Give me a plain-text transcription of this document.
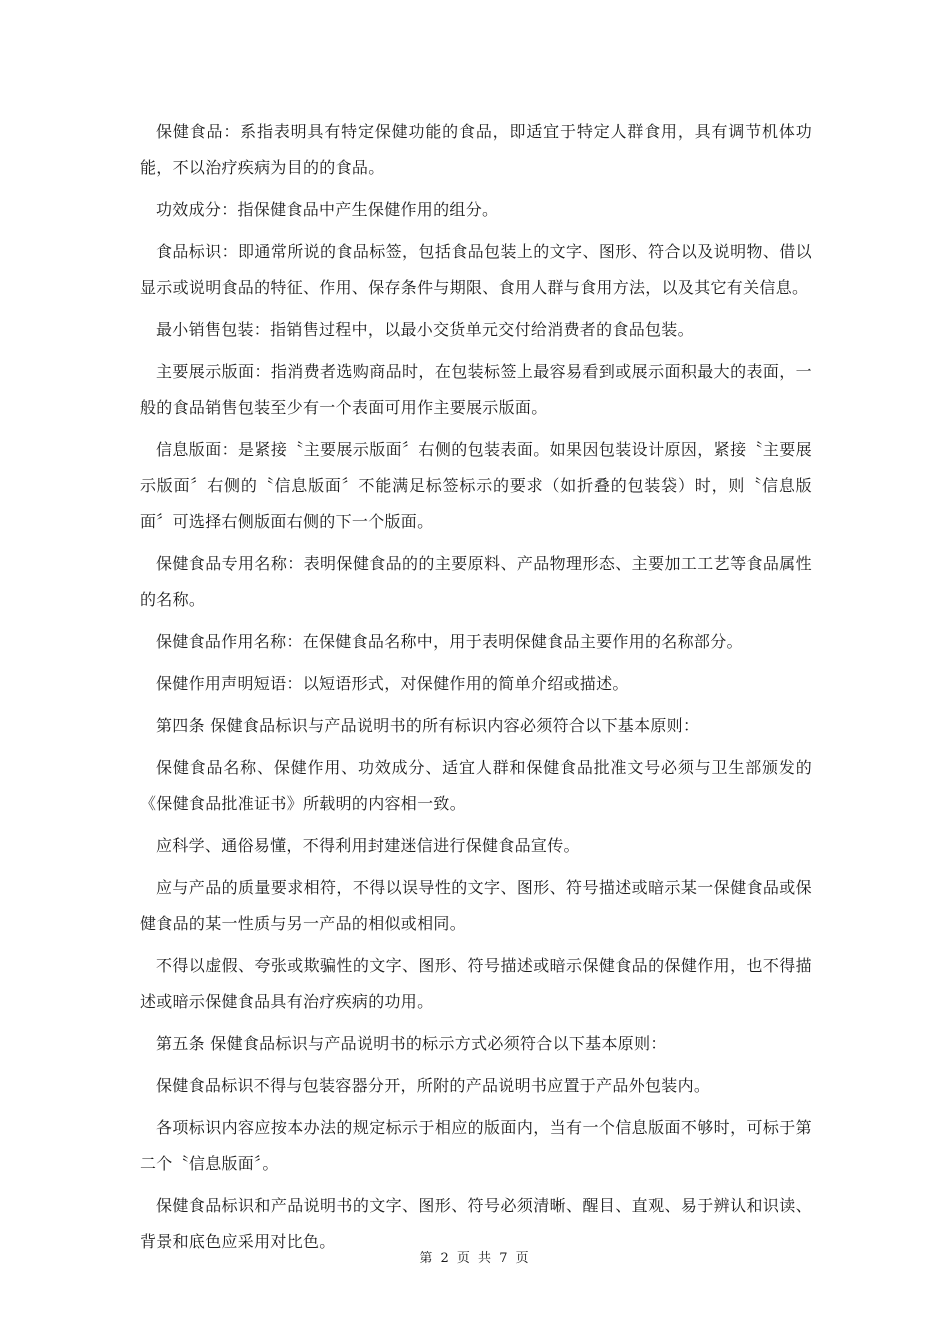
保健食品：系指表明具有特定保健功能的食品，即适宜于特定人群食用，具有调节机体功能，不以治疗疾病为目的的食品。

功效成分：指保健食品中产生保健作用的组分。

食品标识：即通常所说的食品标签，包括食品包装上的文字、图形、符合以及说明物、借以显示或说明食品的特征、作用、保存条件与期限、食用人群与食用方法，以及其它有关信息。

最小销售包装：指销售过程中，以最小交货单元交付给消费者的食品包装。

主要展示版面：指消费者选购商品时，在包装标签上最容易看到或展示面积最大的表面，一般的食品销售包装至少有一个表面可用作主要展示版面。

信息版面：是紧接〝主要展示版面〞右侧的包装表面。如果因包装设计原因，紧接〝主要展示版面〞右侧的〝信息版面〞不能满足标签标示的要求（如折叠的包装袋）时，则〝信息版面〞可选择右侧版面右侧的下一个版面。

保健食品专用名称：表明保健食品的的主要原料、产品物理形态、主要加工工艺等食品属性的名称。

保健食品作用名称：在保健食品名称中，用于表明保健食品主要作用的名称部分。

保健作用声明短语：以短语形式，对保健作用的简单介绍或描述。

第四条 保健食品标识与产品说明书的所有标识内容必须符合以下基本原则：

保健食品名称、保健作用、功效成分、适宜人群和保健食品批准文号必须与卫生部颁发的《保健食品批准证书》所载明的内容相一致。

应科学、通俗易懂，不得利用封建迷信进行保健食品宣传。

应与产品的质量要求相符，不得以误导性的文字、图形、符号描述或暗示某一保健食品或保健食品的某一性质与另一产品的相似或相同。

不得以虚假、夸张或欺骗性的文字、图形、符号描述或暗示保健食品的保健作用，也不得描述或暗示保健食品具有治疗疾病的功用。

第五条 保健食品标识与产品说明书的标示方式必须符合以下基本原则：

保健食品标识不得与包装容器分开，所附的产品说明书应置于产品外包装内。

各项标识内容应按本办法的规定标示于相应的版面内，当有一个信息版面不够时，可标于第二个〝信息版面〞。

保健食品标识和产品说明书的文字、图形、符号必须清晰、醒目、直观、易于辨认和识读、背景和底色应采用对比色。

第 2 页 共 7 页
